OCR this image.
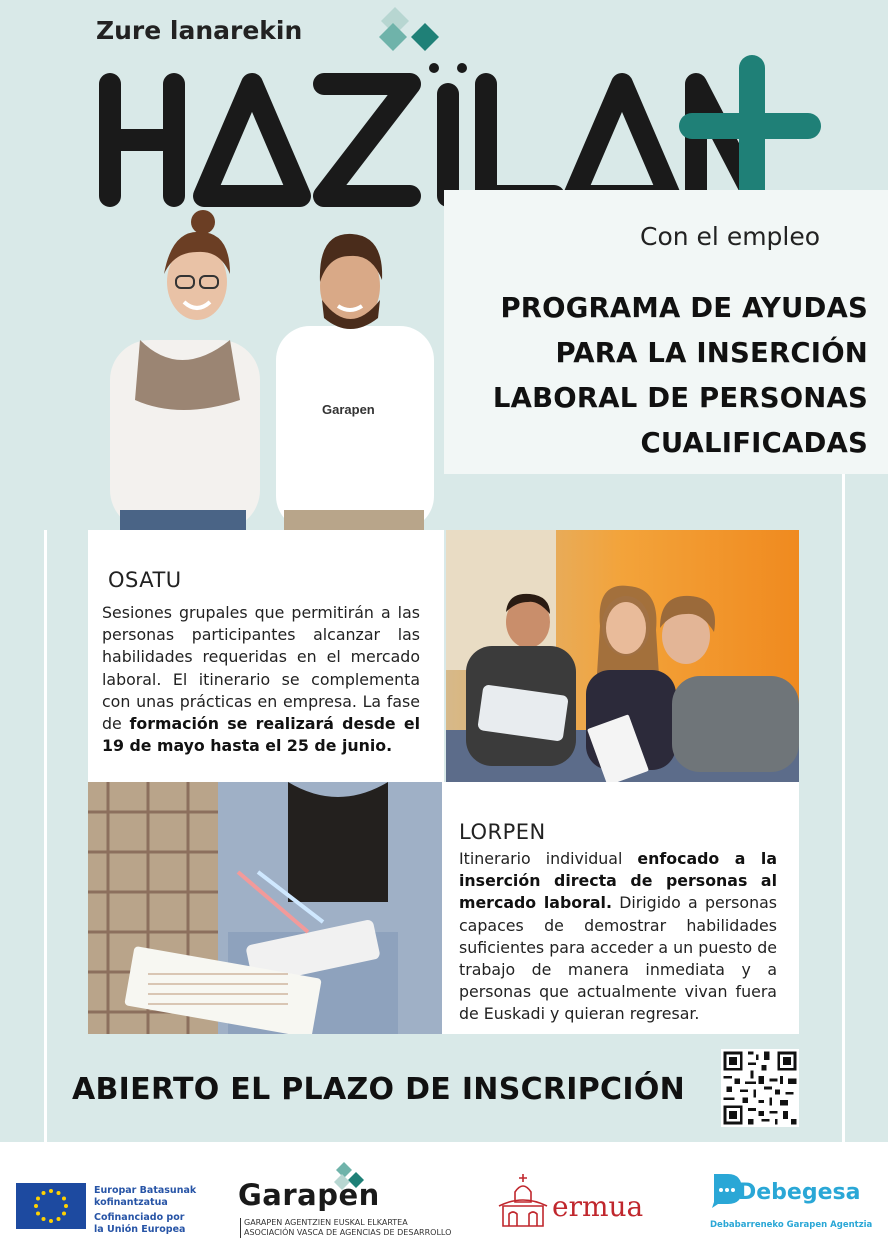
Zure lanarekin
Con el empleo
PROGRAMA DE AYUDAS
PARA LA INSERCIÓN
LABORAL DE PERSONAS
CUALIFICADAS
Garapen
OSATU
Sesiones grupales que permitirán a las personas participantes alcanzar las habilidades requeridas en el mercado laboral. El itinerario se complementa con unas prácticas en empresa. La fase de formación se realizará desde el 19 de mayo hasta el 25 de junio.
LORPEN
Itinerario individual enfocado a la inserción directa de personas al mercado laboral. Dirigido a personas capaces de demostrar habilidades suficientes para acceder a un puesto de trabajo de manera inmediata y a personas que actualmente vivan fuera de Euskadi y quieran regresar.
ABIERTO EL PLAZO DE INSCRIPCIÓN
Europar Batasunak
kofinantzatua
Cofinanciado por
la Unión Europea
Garapen
GARAPEN AGENTZIEN EUSKAL ELKARTEA
ASOCIACIÓN VASCA DE AGENCIAS DE DESARROLLO
ermua	Debegesa
Debabarreneko Garapen Agentzia
